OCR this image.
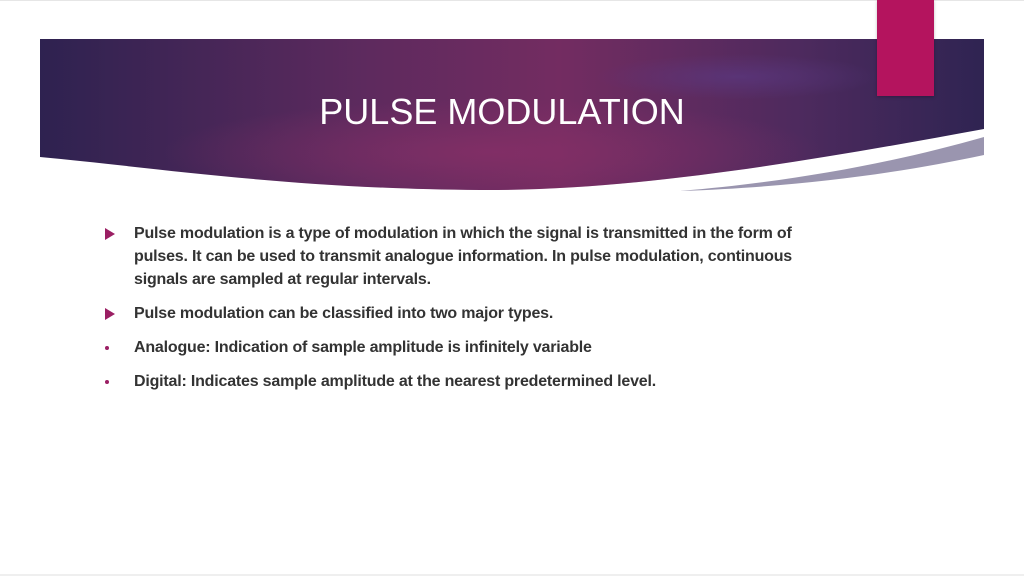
PULSE MODULATION
Pulse modulation is a type of modulation in which the signal is transmitted in the form of pulses. It can be used to transmit analogue information. In pulse modulation, continuous signals are sampled at regular intervals.
Pulse modulation can be classified into two major types.
Analogue: Indication of sample amplitude is infinitely variable
Digital: Indicates sample amplitude at the nearest predetermined level.
